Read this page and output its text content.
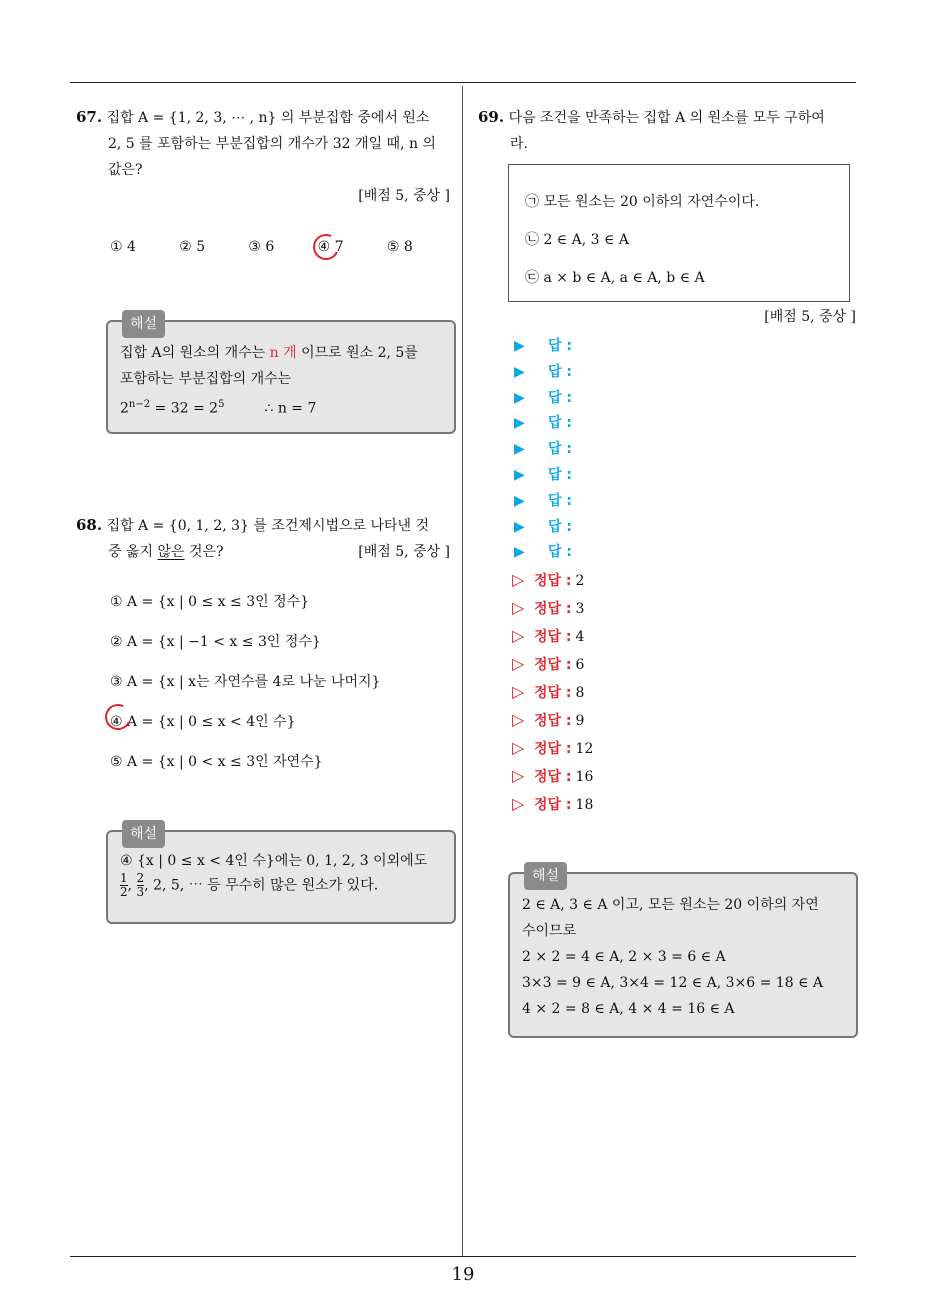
19
67. 집합 A = {1, 2, 3, ⋯ , n} 의 부분집합 중에서 원소
2, 5 를 포함하는 부분집합의 개수가 32 개일 때, n 의
값은?
[배점 5, 중상 ]
① 4	② 5	③ 6	④ 7	⑤ 8
해설
집합 A의 원소의 개수는 n 개 이므로 원소 2, 5를
포함하는 부분집합의 개수는
$2^{n-2} = 32 = 2^5$	∴ n = 7
68. 집합 A = {0, 1, 2, 3} 를 조건제시법으로 나타낸 것
중 옳지 않은 것은?	[배점 5, 중상 ]
① A = {x | 0 ≤ x ≤ 3인 정수}
② A = {x | −1 < x ≤ 3인 정수}
③ A = {x | x는 자연수를 4로 나눈 나머지}
④ A = {x | 0 ≤ x < 4인 수}
⑤ A = {x | 0 < x ≤ 3인 자연수}
해설
④ {x | 0 ≤ x < 4인 수}에는 0, 1, 2, 3 이외에도
$\frac{1}{2}$ , $\frac{2}{3}$ , 2, 5, ⋯ 등 무수히 많은 원소가 있다.
69. 다음 조건을 만족하는 집합 A 의 원소를 모두 구하여
라.
㉠ 모든 원소는 20 이하의 자연수이다.
㉡ 2 ∈ A, 3 ∈ A
㉢ a × b ∈ A, a ∈ A, b ∈ A
[배점 5, 중상 ]
▶ 답 :
▶ 답 :
▶ 답 :
▶ 답 :
▶ 답 :
▶ 답 :
▶ 답 :
▶ 답 :
▶ 답 :
▷ 정답 : 2
▷ 정답 : 3
▷ 정답 : 4
▷ 정답 : 6
▷ 정답 : 8
▷ 정답 : 9
▷ 정답 : 12
▷ 정답 : 16
▷ 정답 : 18
해설
2 ∈ A, 3 ∈ A 이고, 모든 원소는 20 이하의 자연
수이므로
2 × 2 = 4 ∈ A, 2 × 3 = 6 ∈ A
3×3 = 9 ∈ A, 3×4 = 12 ∈ A, 3×6 = 18 ∈ A
4 × 2 = 8 ∈ A, 4 × 4 = 16 ∈ A
